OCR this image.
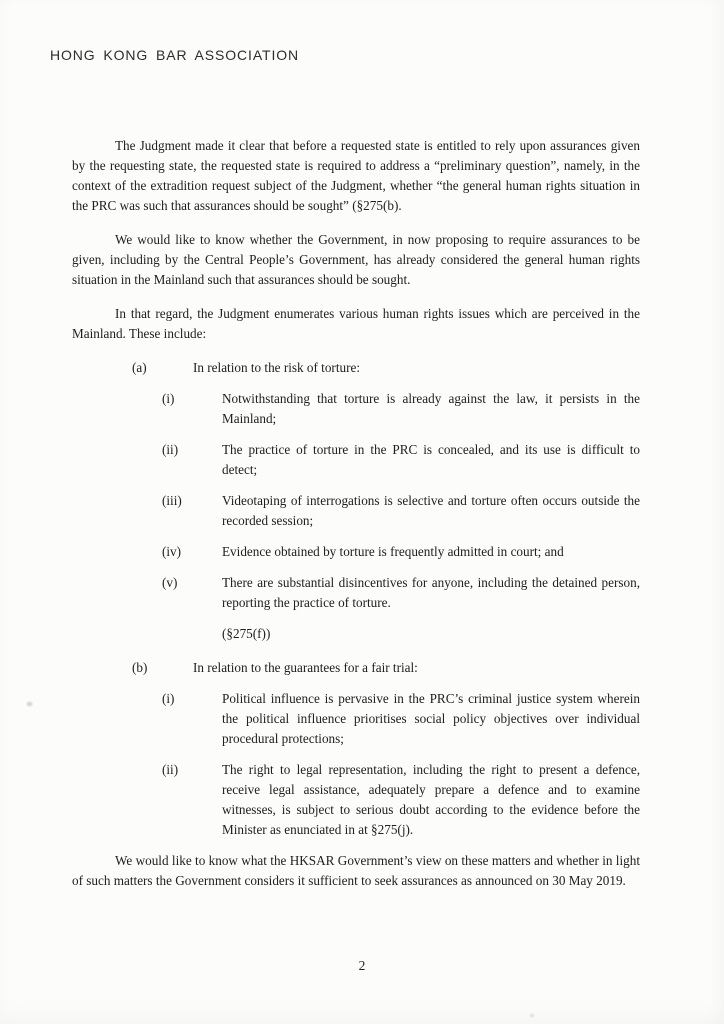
HONG KONG BAR ASSOCIATION

The Judgment made it clear that before a requested state is entitled to rely upon assurances given by the requesting state, the requested state is required to address a “preliminary question”, namely, in the context of the extradition request subject of the Judgment, whether “the general human rights situation in the PRC was such that assurances should be sought” (§275(b).

We would like to know whether the Government, in now proposing to require assurances to be given, including by the Central People’s Government, has already considered the general human rights situation in the Mainland such that assurances should be sought.

In that regard, the Judgment enumerates various human rights issues which are perceived in the Mainland. These include:

(a)	In relation to the risk of torture:
(i)	Notwithstanding that torture is already against the law, it persists in the Mainland;
(ii)	The practice of torture in the PRC is concealed, and its use is difficult to detect;
(iii)	Videotaping of interrogations is selective and torture often occurs outside the recorded session;
(iv)	Evidence obtained by torture is frequently admitted in court; and
(v)	There are substantial disincentives for anyone, including the detained person, reporting the practice of torture.
(§275(f))
(b)	In relation to the guarantees for a fair trial:
(i)	Political influence is pervasive in the PRC’s criminal justice system wherein the political influence prioritises social policy objectives over individual procedural protections;
(ii)	The right to legal representation, including the right to present a defence, receive legal assistance, adequately prepare a defence and to examine witnesses, is subject to serious doubt according to the evidence before the Minister as enunciated in at §275(j).

We would like to know what the HKSAR Government’s view on these matters and whether in light of such matters the Government considers it sufficient to seek assurances as announced on 30 May 2019.

2
